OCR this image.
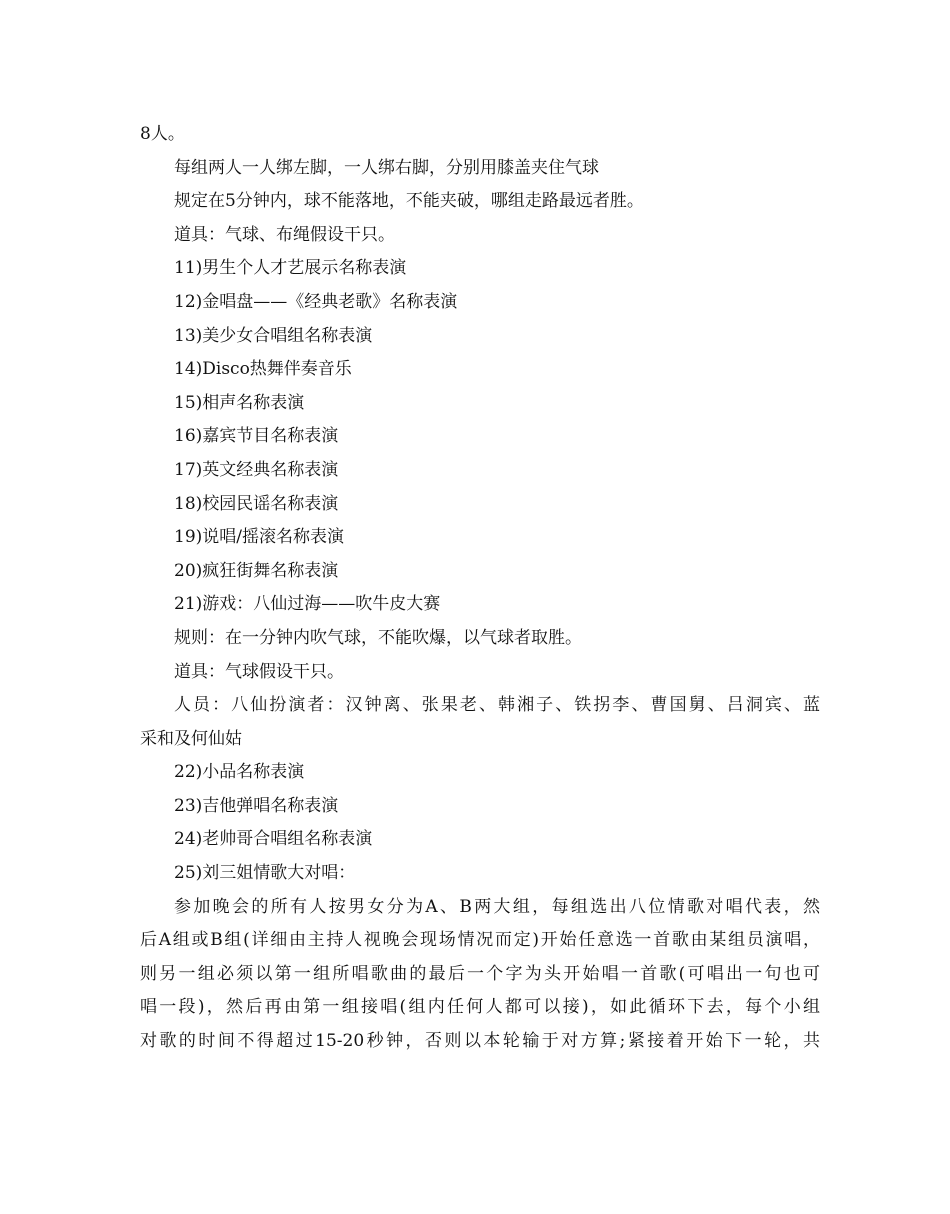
8人。
每组两人一人绑左脚，一人绑右脚，分别用膝盖夹住气球
规定在5分钟内，球不能落地，不能夹破，哪组走路最远者胜。
道具：气球、布绳假设干只。
11)男生个人才艺展示名称表演
12)金唱盘——《经典老歌》名称表演
13)美少女合唱组名称表演
14)Disco热舞伴奏音乐
15)相声名称表演
16)嘉宾节目名称表演
17)英文经典名称表演
18)校园民谣名称表演
19)说唱/摇滚名称表演
20)疯狂街舞名称表演
21)游戏：八仙过海——吹牛皮大赛
规则：在一分钟内吹气球，不能吹爆，以气球者取胜。
道具：气球假设干只。
人员：八仙扮演者：汉钟离、张果老、韩湘子、铁拐李、曹国舅、吕洞宾、蓝
采和及何仙姑
22)小品名称表演
23)吉他弹唱名称表演
24)老帅哥合唱组名称表演
25)刘三姐情歌大对唱：
参加晚会的所有人按男女分为A、B两大组，每组选出八位情歌对唱代表，然
后A组或B组(详细由主持人视晚会现场情况而定)开始任意选一首歌由某组员演唱，
则另一组必须以第一组所唱歌曲的最后一个字为头开始唱一首歌(可唱出一句也可
唱一段)，然后再由第一组接唱(组内任何人都可以接)，如此循环下去，每个小组
对歌的时间不得超过15-20秒钟，否则以本轮输于对方算;紧接着开始下一轮，共
